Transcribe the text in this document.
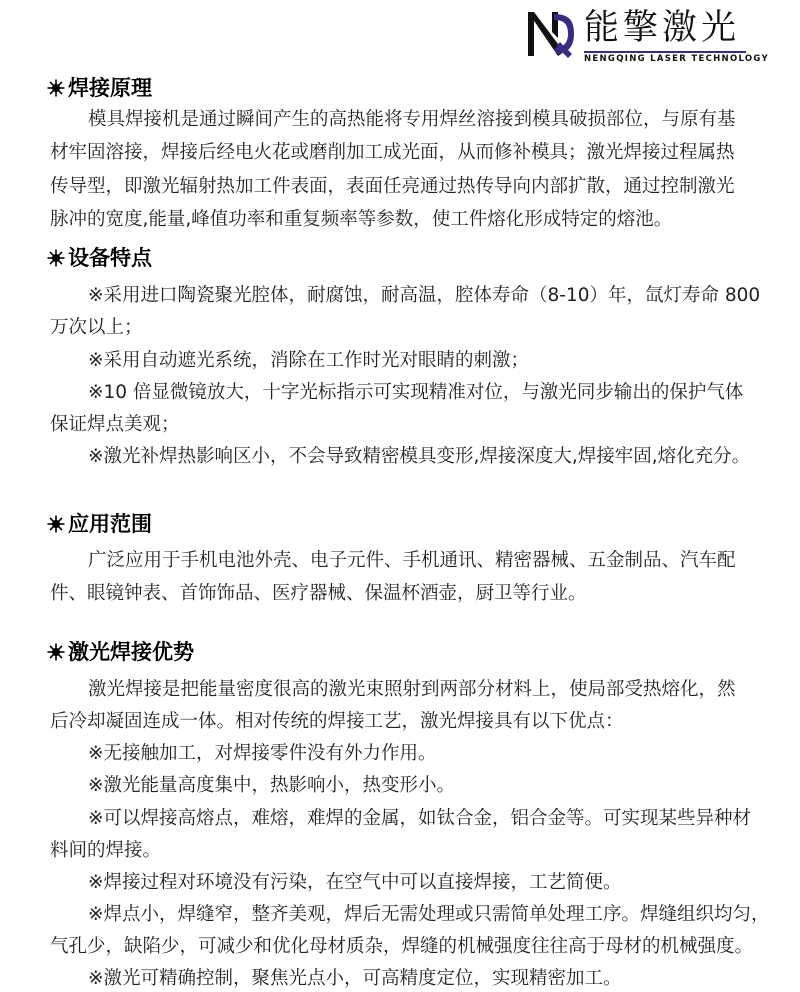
能擎激光
NENGQING LASER TECHNOLOGY
焊接原理
模具焊接机是通过瞬间产生的高热能将专用焊丝溶接到模具破损部位，与原有基
材牢固溶接，焊接后经电火花或磨削加工成光面，从而修补模具；激光焊接过程属热
传导型，即激光辐射热加工件表面，表面任亮通过热传导向内部扩散，通过控制激光
脉冲的宽度,能量,峰值功率和重复频率等参数，使工件熔化形成特定的熔池。
设备特点
※采用进口陶瓷聚光腔体，耐腐蚀，耐高温，腔体寿命（8-10）年，氙灯寿命 800
万次以上；
※采用自动遮光系统，消除在工作时光对眼睛的刺激；
※10 倍显微镜放大，十字光标指示可实现精准对位，与激光同步输出的保护气体
保证焊点美观；
※激光补焊热影响区小，不会导致精密模具变形,焊接深度大,焊接牢固,熔化充分。
应用范围
广泛应用于手机电池外壳、电子元件、手机通讯、精密器械、五金制品、汽车配
件、眼镜钟表、首饰饰品、医疗器械、保温杯酒壶，厨卫等行业。
激光焊接优势
激光焊接是把能量密度很高的激光束照射到两部分材料上，使局部受热熔化，然
后冷却凝固连成一体。相对传统的焊接工艺，激光焊接具有以下优点：
※无接触加工，对焊接零件没有外力作用。
※激光能量高度集中，热影响小，热变形小。
※可以焊接高熔点，难熔，难焊的金属，如钛合金，铝合金等。可实现某些异种材
料间的焊接。
※焊接过程对环境没有污染，在空气中可以直接焊接，工艺简便。
※焊点小，焊缝窄，整齐美观，焊后无需处理或只需简单处理工序。焊缝组织均匀，
气孔少，缺陷少，可减少和优化母材质杂，焊缝的机械强度往往高于母材的机械强度。
※激光可精确控制，聚焦光点小，可高精度定位，实现精密加工。
